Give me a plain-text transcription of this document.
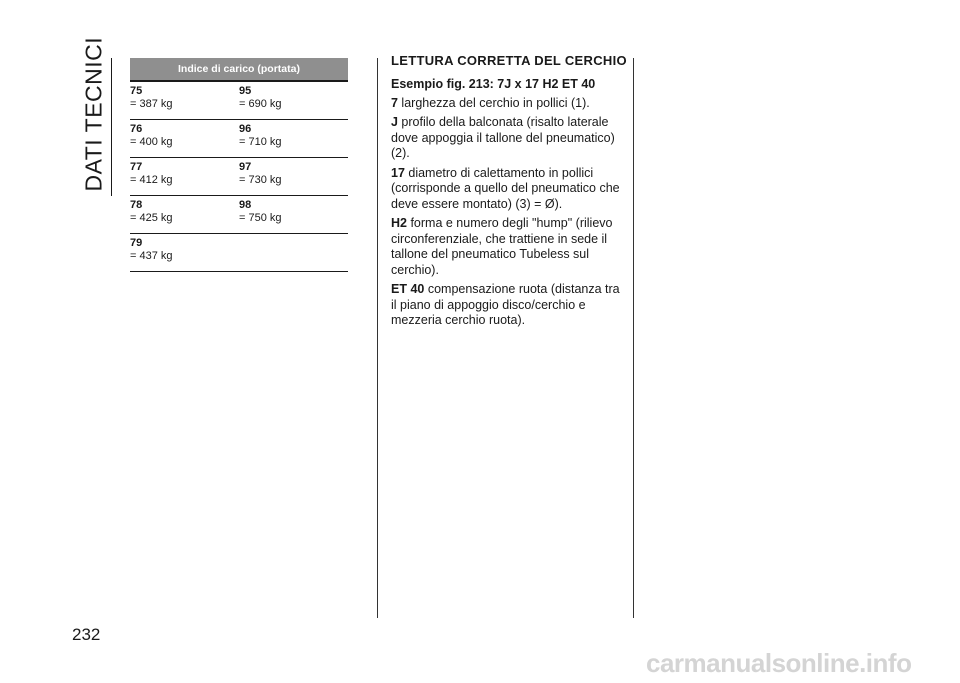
DATI TECNICI
232
Indice di carico (portata)
75
= 387 kg
95
= 690 kg
76
= 400 kg
96
= 710 kg
77
= 412 kg
97
= 730 kg
78
= 425 kg
98
= 750 kg
79
= 437 kg
LETTURA CORRETTA DEL CERCHIO
Esempio fig. 213: 7J x 17 H2 ET 40

7 larghezza del cerchio in pollici (1).

J profilo della balconata (risalto laterale dove appoggia il tallone del pneumatico) (2).

17 diametro di calettamento in pollici (corrisponde a quello del pneumatico che deve essere montato) (3) = Ø).

H2 forma e numero degli "hump" (rilievo circonferenziale, che trattiene in sede il tallone del pneumatico Tubeless sul cerchio).

ET 40 compensazione ruota (distanza tra il piano di appoggio disco/cerchio e mezzeria cerchio ruota).

carmanualsonline.info
